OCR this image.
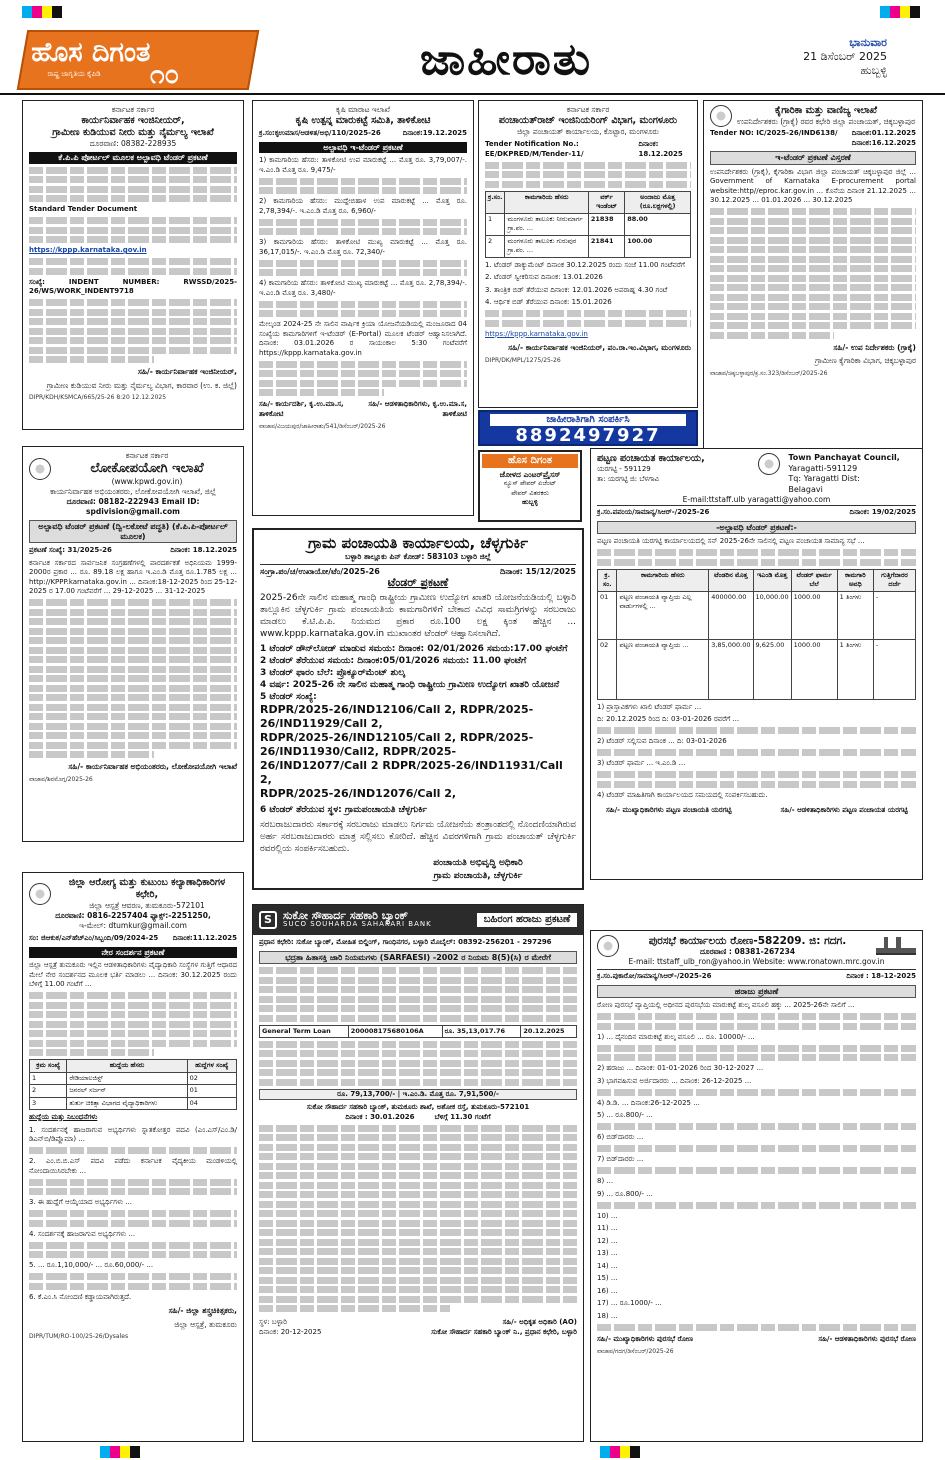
ಹೊಸ ದಿಗಂತ
ರಾಷ್ಟ್ರ ಜಾಗೃತಿಯ ಕೈಪಿಡಿ ೧೦	ಜಾಹೀರಾತು	ಭಾನುವಾರ
21 ಡಿಸೆಂಬರ್ 2025
ಹುಬ್ಬಳ್ಳಿ
ಕರ್ನಾಟಕ ಸರ್ಕಾರ
ಕಾರ್ಯನಿರ್ವಾಹಕ ಇಂಜಿನೀಯರ್,
ಗ್ರಾಮೀಣ ಕುಡಿಯುವ ನೀರು ಮತ್ತು ನೈರ್ಮಲ್ಯ ಇಲಾಖೆ
ದೂರವಾಣಿ: 08382-228935
ಕೆ.ಪಿ.ಪಿ ಪೋರ್ಟಲ್ ಮೂಲಕ ಅಲ್ಪಾವಧಿ ಟೆಂಡರ್ ಪ್ರಕಟಣೆ
Standard Tender Document
https://kppp.karnataka.gov.in
ಸಂಖ್ಯೆ: INDENT NUMBER: RWSSD/2025-26/WS/WORK_INDENT9718
ಸಹಿ/- ಕಾರ್ಯನಿರ್ವಾಹಕ ಇಂಜಿನೀಯರ್,
ಗ್ರಾಮೀಣ ಕುಡಿಯುವ ನೀರು ಮತ್ತು ನೈರ್ಮಲ್ಯ ವಿಭಾಗ, ಕಾರವಾರ (ಉ. ಕ. ಜಿಲ್ಲೆ)
DIPR/KDH/KSMCA/665/25-26 8:20 12.12.2025
ಕರ್ನಾಟಕ ಸರ್ಕಾರ
ಲೋಕೋಪಯೋಗಿ ಇಲಾಖೆ
(www.kpwd.gov.in)
ಕಾರ್ಯನಿರ್ವಾಹಕ ಅಭಿಯಂತರರು, ಲೋಕೋಪಯೋಗಿ ಇಲಾಖೆ, ಜಿಲ್ಲೆ
ದೂರವಾಣಿ: 08182-222943 Email ID: spdivision@gmail.com
ಅಲ್ಪಾವಧಿ ಟೆಂಡರ್ ಪ್ರಕಟಣೆ (ದ್ವಿ-ಲಕೋಟೆ ಪದ್ಧತಿ) (ಕೆ.ಪಿ.ಪಿ-ಪೋರ್ಟಲ್ ಮೂಲಕ)
ಪ್ರಕಟಣೆ ಸಂಖ್ಯೆ: 31/2025-26	ದಿನಾಂಕ: 18.12.2025
ಕರ್ನಾಟಕ ಸರ್ಕಾರದ ಸಾರ್ವಜನಿಕ ಸಂಗ್ರಹಣೆಗಳಲ್ಲಿ ಪಾರದರ್ಶಕತೆ ಅಧಿನಿಯಮ 1999-2000ರ ಪ್ರಕಾರ ... ರೂ. 89.18 ಲಕ್ಷ ಹಾಗೂ ಇ.ಎಂ.ಡಿ ಮೊತ್ತ ರೂ.1.785 ಲಕ್ಷ ... http://KPPP.karnataka.gov.in ... ದಿನಾಂಕ:18-12-2025 ರಿಂದ 25-12-2025 ರ 17.00 ಗಂಟೆವರೆಗೆ ... 29-12-2025 ... 31-12-2025
ಸಹಿ/- ಕಾರ್ಯನಿರ್ವಾಹಕ ಅಭಿಯಂತರರು, ಲೋಕೋಪಯೋಗಿ ಇಲಾಖೆ
ವಾಜಾಪ/ಶಿವಮೊಗ್ಗ/2025-26
ಜಿಲ್ಲಾ ಆರೋಗ್ಯ ಮತ್ತು ಕುಟುಂಬ ಕಲ್ಯಾಣಾಧಿಕಾರಿಗಳ ಕಛೇರಿ,
ಜಿಲ್ಲಾ ಆಸ್ಪತ್ರೆ ಆವರಣ, ತುಮಕೂರು-572101
ದೂರವಾಣಿ: 0816-2257404 ಫ್ಯಾಕ್ಸ್:-2251250,
ಇ-ಮೇಲ್: dtumkur@gmail.com
ಸಂ: ಜಿಆಕುಕ/ಎನ್‌ಹೆಚ್‌ಎಂ/ಸಿಬ್ಬಂದಿ/09/2024-25 ದಿನಾಂಕ:11.12.2025
ನೇರ ಸಂದರ್ಶನ ಪ್ರಕಟಣೆ
ಜಿಲ್ಲಾ ಆಸ್ಪತ್ರೆ ತುಮಕೂರು ಇಲ್ಲಿನ ಆಡಳಿತಾಧಿಕಾರಿಗಳು ವೈದ್ಯಾಧಿಕಾರಿ ಸಂಸ್ಥೆಗಳ ಗುತ್ತಿಗೆ ಆಧಾರದ ಮೇಲೆ ನೇರ ಸಂದರ್ಶನದ ಮೂಲಕ ಭರ್ತಿ ಮಾಡಲು ... ದಿನಾಂಕ: 30.12.2025 ರಂದು ಬೆಳಿಗ್ಗೆ 11.00 ಗಂಟೆಗೆ ...
ಕ್ರಮ ಸಂಖ್ಯೆ	ಹುದ್ದೆಯ ಹೆಸರು	ಹುದ್ದೆಗಳ ಸಂಖ್ಯೆ
1	ರೇಡಿಯಾಲಜಿಸ್ಟ್	02
2	ಜನರಲ್ ಸರ್ಜನ್	01
3	ತುರ್ತು ಚಿಕಿತ್ಸಾ ವಿಭಾಗದ ವೈದ್ಯಾಧಿಕಾರಿಗಳು	04
ಹುದ್ದೆಯ ಮತ್ತು ನಿಬಂಧನೆಗಳು
1. ಸಂದರ್ಶನಕ್ಕೆ ಹಾಜರಾಗುವ ಅಭ್ಯರ್ಥಿಗಳು ಸ್ನಾತಕೋತ್ತರ ಪದವಿ (ಎಂ.ಎಸ್/ಎಂ.ಡಿ/ಡಿಎನ್‌ಬಿ/ಡಿಪ್ಲೊಮಾ) ...
2. ಎಂ.ಬಿ.ಬಿ.ಎಸ್ ಪದವಿ ಪಡೆದು ಕರ್ನಾಟಕ ವೈದ್ಯಕೀಯ ಮಂಡಳಿಯಲ್ಲಿ ನೋಂದಾಯಿಸಿರಬೇಕು ...
3. ಈ ಹುದ್ದೆಗೆ ಆಯ್ಕೆಯಾದ ಅಭ್ಯರ್ಥಿಗಳು ...
4. ಸಂದರ್ಶನಕ್ಕೆ ಹಾಜರಾಗುವ ಅಭ್ಯರ್ಥಿಗಳು ...
5. ... ರೂ.1,10,000/- ... ರೂ.60,000/- ...
6. ಕೆ.ಎಂ.ಸಿ ನೋಂದಣಿ ಕಡ್ಡಾಯವಾಗಿರುತ್ತದೆ.
ಸಹಿ/- ಜಿಲ್ಲಾ ಶಸ್ತ್ರಚಿಕಿತ್ಸಕರು,
ಜಿಲ್ಲಾ ಆಸ್ಪತ್ರೆ, ತುಮಕೂರು
DIPR/TUM/RO-100/25-26/Dysales
ಕೃಷಿ ಮಾರಾಟ ಇಲಾಖೆ
ಕೃಷಿ ಉತ್ಪನ್ನ ಮಾರುಕಟ್ಟೆ ಸಮಿತಿ, ತಾಳಿಕೋಟಿ
ಕ್ರ.ಸಂ:ಕೃಉಮಾಸ/ಆಡಳಿತ/ಅಭಿ/110/2025-26	ದಿನಾಂಕ:19.12.2025
ಅಲ್ಪಾವಧಿ ಇ-ಟೆಂಡರ್ ಪ್ರಕಟಣೆ
1) ಕಾಮಗಾರಿಯ ಹೆಸರು: ತಾಳಿಕೋಟಿ ಉಪ ಮಾರುಕಟ್ಟೆ ... ಮೊತ್ತ ರೂ. 3,79,007/-. ಇ.ಎಂ.ಡಿ ಮೊತ್ತ ರೂ. 9,475/-
2) ಕಾಮಗಾರಿಯ ಹೆಸರು: ಮುದ್ದೇಬಿಹಾಳ ಉಪ ಮಾರುಕಟ್ಟೆ ... ಮೊತ್ತ ರೂ. 2,78,394/-. ಇ.ಎಂ.ಡಿ ಮೊತ್ತ ರೂ. 6,960/-
3) ಕಾಮಗಾರಿಯ ಹೆಸರು: ತಾಳಿಕೋಟಿ ಮುಖ್ಯ ಮಾರುಕಟ್ಟೆ ... ಮೊತ್ತ ರೂ. 36,17,015/-. ಇ.ಎಂ.ಡಿ ಮೊತ್ತ ರೂ. 72,340/-
4) ಕಾಮಗಾರಿಯ ಹೆಸರು: ತಾಳಿಕೋಟಿ ಮುಖ್ಯ ಮಾರುಕಟ್ಟೆ ... ಮೊತ್ತ ರೂ. 2,78,394/-. ಇ.ಎಂ.ಡಿ ಮೊತ್ತ ರೂ. 3,480/-
ಮೇಲ್ಕಂಡ 2024-25 ನೇ ಸಾಲಿನ ವಾರ್ಷಿಕ ಕ್ರಿಯಾ ಯೋಜನೆಯಡಿಯಲ್ಲಿ ಮಂಜೂರಾದ 04 ಸಂಖ್ಯೆಯ ಕಾಮಗಾರಿಗಳಿಗೆ ಇ-ಟೆಂಡರ್ (E-Portal) ಮೂಲಕ ಟೆಂಡರ್ ಆಹ್ವಾನಿಸಲಾಗಿದೆ. ದಿನಾಂಕ: 03.01.2026 ರ ಸಾಯಂಕಾಲ 5:30 ಗಂಟೆವರೆಗೆ https://kppp.karnataka.gov.in
ಸಹಿ/- ಕಾರ್ಯದರ್ಶಿ, ಕೃ.ಉ.ಮಾ.ಸ, ತಾಳಿಕೋಟಿ
ಸಹಿ/- ಆಡಳಿತಾಧಿಕಾರಿಗಳು, ಕೃ.ಉ.ಮಾ.ಸ, ತಾಳಿಕೋಟಿ
ವಾಜಾಪ/ವಿಜಯಪುರ/ಜಾಹೀರಾತು/541/ಡಿಸೆಂಬರ್/2025-26
ಗ್ರಾಮ ಪಂಚಾಯತಿ ಕಾರ್ಯಾಲಯ, ಚೆಳ್ಳಗುರ್ಕಿ
ಬಳ್ಳಾರಿ ತಾಲ್ಲೂಕು ಪಿನ್ ಕೋಡ್: 583103 ಬಳ್ಳಾರಿ ಜಿಲ್ಲೆ
ಸಂಗ್ರಾ.ಪಂ/ಚ/ಉಖಾಯೋ/ಟೆಂ/2025-26	ದಿನಾಂಕ: 15/12/2025
ಟೆಂಡರ್ ಪ್ರಕಟಣೆ
2025-26ನೇ ಸಾಲಿನ ಮಹಾತ್ಮ ಗಾಂಧಿ ರಾಷ್ಟ್ರೀಯ ಗ್ರಾಮೀಣ ಉದ್ಯೋಗ ಖಾತರಿ ಯೋಜನೆಯಡಿಯಲ್ಲಿ ಬಳ್ಳಾರಿ ತಾಲ್ಲೂಕಿನ ಚೆಳ್ಳಗುರ್ಕಿ ಗ್ರಾಮ ಪಂಚಾಯತಿಯ ಕಾಮಗಾರಿಗಳಿಗೆ ಬೇಕಾದ ವಿವಿಧ ಸಾಮಗ್ರಿಗಳನ್ನು ಸರಬರಾಜು ಮಾಡಲು ಕೆ.ಟಿ.ಪಿ.ಪಿ. ನಿಯಮದ ಪ್ರಕಾರ ರೂ.100 ಲಕ್ಷ ಕ್ಕಿಂತ ಹೆಚ್ಚಿನ ... www.kppp.karnataka.gov.in ಮುಖಾಂತರ ಟೆಂಡರ್ ಆಹ್ವಾನಿಸಲಾಗಿದೆ.
1 ಟೆಂಡರ್ ಡೌನ್‌ಲೋಡ್ ಮಾಡುವ ಸಮಯ: ದಿನಾಂಕ: 02/01/2026 ಸಮಯ:17.00 ಘಂಟೆಗೆ
2 ಟೆಂಡರ್ ತೆರೆಯುವ ಸಮಯ: ದಿನಾಂಕ:05/01/2026 ಸಮಯ: 11.00 ಘಂಟೆಗೆ
3 ಟೆಂಡರ್ ಫಾರಂ ಬೆಲೆ: ಪ್ರೊಕ್ಯೂರ್‌ಮೆಂಟ್ ಶುಲ್ಕ
4 ವರ್ಷ: 2025-26 ನೇ ಸಾಲಿನ ಮಹಾತ್ಮ ಗಾಂಧಿ ರಾಷ್ಟ್ರೀಯ ಗ್ರಾಮೀಣ ಉದ್ಯೋಗ ಖಾತರಿ ಯೋಜನೆ
5 ಟೆಂಡರ್ ಸಂಖ್ಯೆ:
RDPR/2025-26/IND12106/Call 2, RDPR/2025-26/IND11929/Call 2,
RDPR/2025-26/IND12105/Call 2, RDPR/2025-26/IND11930/Call2, RDPR/2025-
26/IND12077/Call 2 RDPR/2025-26/IND11931/Call 2,
RDPR/2025-26/IND12076/Call 2,
6 ಟೆಂಡರ್ ತೆರೆಯುವ ಸ್ಥಳ: ಗ್ರಾಮಪಂಚಾಯತಿ ಚೆಳ್ಳಗುರ್ಕಿ
ಸರಬರಾಜುದಾರರು ಸರ್ಕಾರಕ್ಕೆ ಸರಬರಾಜು ಮಾಡಲು ನಿರ್ಗಮ ಯೋಜನೆಯ ತಂತ್ರಾಂಶದಲ್ಲಿ ನೊಂದಣಿಯಾಗಿರುವ ಅರ್ಹ ಸರಬರಾಜುದಾರರು ಮಾತ್ರ ಸಲ್ಲಿಸಲು ಕೋರಿದೆ. ಹೆಚ್ಚಿನ ವಿವರಗಳಿಗಾಗಿ ಗ್ರಾಮ ಪಂಚಾಯತ್ ಚೆಳ್ಳಗುರ್ಕಿ ರವರಲ್ಲಿಯ ಸಂಪರ್ಕಿಸಬಹುದು.
ಪಂಚಾಯತಿ ಅಭಿವೃದ್ಧಿ ಅಧಿಕಾರಿ
ಗ್ರಾಮ ಪಂಚಾಯತಿ, ಚೆಳ್ಳಗುರ್ಕಿ
S	ಸುಕೋ ಸೌಹಾರ್ದ ಸಹಕಾರಿ ಬ್ಯಾಂಕ್
SUCO SOUHARDA SAHAKARI BANK	ಬಹಿರಂಗ ಹರಾಜು ಪ್ರಕಟಣೆ
ಪ್ರಧಾನ ಕಛೇರಿ: ಸುಕೋ ಬ್ಯಾಂಕ್, ಮೋಹಿತ ಬಿಲ್ಡಿಂಗ್, ಗಾಂಧಿನಗರ, ಬಳ್ಳಾರಿ ಮೊಬೈಲ್: 08392-256201 - 297296
ಭದ್ರತಾ ಹಿತಾಸಕ್ತಿ ಜಾರಿ ನಿಯಮಗಳು (SARFAESI) -2002 ರ ನಿಯಮ 8(5)(ಸಿ) ರ ಮೇರೆಗೆ
General Term Loan	200008175680106A	ರೂ. 35,13,017.76	20.12.2025
ರೂ. 79,13,700/- | ಇ.ಎಂ.ಡಿ. ಮೊತ್ತ ರೂ. 7,91,500/-
ಸುಕೋ ಸೌಹಾರ್ದ ಸಹಕಾರಿ ಬ್ಯಾಂಕ್, ತುಮಕೂರು ಶಾಖೆ, ಅಶೋಕ ರಸ್ತೆ, ತುಮಕೂರು-572101
ದಿನಾಂಕ : 30.01.2026	ಬೆಳಿಗ್ಗೆ 11.30 ಗಂಟೆಗೆ
ಸ್ಥಳ: ಬಳ್ಳಾರಿ
ದಿನಾಂಕ: 20-12-2025
ಸಹಿ/- ಅಧಿಕೃತ ಅಧಿಕಾರಿ (AO)
ಸುಕೋ ಸೌಹಾರ್ದ ಸಹಕಾರಿ ಬ್ಯಾಂಕ್ ನಿ., ಪ್ರಧಾನ ಕಛೇರಿ, ಬಳ್ಳಾರಿ
ಕರ್ನಾಟಕ ಸರ್ಕಾರ
ಪಂಚಾಯತ್‌ರಾಜ್ ಇಂಜಿನಿಯರಿಂಗ್ ವಿಭಾಗ, ಮಂಗಳೂರು
ಜಿಲ್ಲಾ ಪಂಚಾಯತ್ ಕಾರ್ಯಾಲಯ, ಕೊಟ್ಟಾರ, ಮಂಗಳೂರು
Tender Notification No.: EE/DKPRED/M/Tender-11/
ದಿನಾಂಕ: 18.12.2025
ಕ್ರ.ಸಂ.	ಕಾಮಗಾರಿಯ ಹೆಸರು	ವರ್ಕ್ ಇಂಡೆಂಟ್	ಅಂದಾಜು ಮೊತ್ತ (ರೂ.ಲಕ್ಷಗಳಲ್ಲಿ)
1	ಮಂಗಳೂರು ತಾಲೂಕು ನೀರುಮಾರ್ಗ ಗ್ರಾ.ಪಂ. ...	21838	88.00
2	ಮಂಗಳೂರು ತಾಲೂಕು ಗುರುಪುರ ಗ್ರಾ.ಪಂ. ...	21841	100.00
1. ಟೆಂಡರ್ ಡಾಕ್ಯುಮೆಂಟ್ ದಿನಾಂಕ 30.12.2025 ರಂದು ಸಂಜೆ 11.00 ಗಂಟೆವರೆಗೆ
2. ಟೆಂಡರ್ ಸ್ವೀಕರಿಸುವ ದಿನಾಂಕ: 13.01.2026
3. ತಾಂತ್ರಿಕ ಬಿಡ್ ತೆರೆಯುವ ದಿನಾಂಕ: 12.01.2026 ಅಪರಾಹ್ನ 4.30 ಗಂಟೆ
4. ಆರ್ಥಿಕ ಬಿಡ್ ತೆರೆಯುವ ದಿನಾಂಕ: 15.01.2026
https://kppp.karnataka.gov.in
ಸಹಿ/- ಕಾರ್ಯನಿರ್ವಾಹಕ ಇಂಜಿನಿಯರ್, ಪಂ.ರಾ.ಇಂ.ವಿಭಾಗ, ಮಂಗಳೂರು
DIPR/DK/MPL/1275/25-26
ಜಾಹೀರಾತಿಗಾಗಿ ಸಂಪರ್ಕಿಸಿ
8892497927
ಹೊಸ ದಿಗಂತ
ಜೋಳದ ಎಂಟರ್‌ಪ್ರೈಸಸ್
ನ್ಯೂಸ್ ಪೇಪರ್ ಏಜೆಂಟ್
ಪೇಪರ್ ವಿತರಕರು
ಹುಬ್ಬಳ್ಳಿ
ಕೈಗಾರಿಕಾ ಮತ್ತು ವಾಣಿಜ್ಯ ಇಲಾಖೆ
ಉಪನಿರ್ದೇಶಕರು (ಗ್ರಾಕೈ) ರವರ ಕಛೇರಿ ಜಿಲ್ಲಾ ಪಂಚಾಯತ್, ಚಿಕ್ಕಬಳ್ಳಾಪುರ
Tender NO: IC/2025-26/IND6138/ ದಿನಾಂಕ:01.12.2025
ದಿನಾಂಕ:16.12.2025
ಇ-ಟೆಂಡರ್ ಪ್ರಕಟಣೆ ವಿಸ್ತರಣೆ
ಉಪನಿರ್ದೇಶಕರು (ಗ್ರಾಕೈ), ಕೈಗಾರಿಕಾ ವಿಭಾಗ ಜಿಲ್ಲಾ ಪಂಚಾಯತ್ ಚಿಕ್ಕಬಳ್ಳಾಪುರ ಜಿಲ್ಲೆ ... Government of Karnataka E-procurement portal website:http//eproc.kar.gov.in ... ಕೊನೆಯ ದಿನಾಂಕ 21.12.2025 ... 30.12.2025 ... 01.01.2026 ... 30.12.2025
ಸಹಿ/- ಉಪ ನಿರ್ದೇಶಕರು (ಗ್ರಾಕೈ)
ಗ್ರಾಮೀಣ ಕೈಗಾರಿಕಾ ವಿಭಾಗ, ಚಿಕ್ಕಬಳ್ಳಾಪುರ
ವಾಜಾಪ/ಚಿಕ್ಕಬಳ್ಳಾಪುರ/ಕ್ರ.ಸಂ.323/ಡಿಸೆಂಬರ್/2025-26
ಪಟ್ಟಣ ಪಂಚಾಯತ ಕಾರ್ಯಾಲಯ,
ಯರಗಟ್ಟಿ - 591129
ತಾ: ಯರಗಟ್ಟಿ ಜಿ: ಬೆಳಗಾವಿ
Town Panchayat Council,
Yaragatti-591129
Tq: Yaragatti Dist:
Belagavi
E-mail:ttstaff.ulb yaragatti@yahoo.com
ಕ್ರ.ಸಂ.ಪಪಂಯ/ಸಾಮಾನ್ಯ/ಸಿಆರ್-/2025-26	ದಿನಾಂಕ: 19/02/2025
-ಅಲ್ಪಾವಧಿ ಟೆಂಡರ್ ಪ್ರಕಟಣೆ:-
ಪಟ್ಟಣ ಪಂಚಾಯತಿ ಯರಗಟ್ಟಿ ಕಾರ್ಯಾಲಯದಲ್ಲಿ ಸನ್ 2025-26ನೇ ಸಾಲಿನಲ್ಲಿ ಪಟ್ಟಣ ಪಂಚಾಯತ ಸಾಮಾನ್ಯ ಸಭೆ ...
ಕ್ರ. ಸಂ.	ಕಾಮಗಾರಿಯ ಹೆಸರು	ಟೆಂಡರಿನ ಮೊತ್ತ	ಇಎಂಡಿ ಮೊತ್ತ	ಟೆಂಡರ್ ಫಾರ್ಮ ಬೆಲೆ	ಕಾಮಗಾರಿ ಅವಧಿ	ಗುತ್ತಿಗೆದಾರರ ದರ್ಜೆ
01	ಪಟ್ಟಣ ಪಂಚಾಯತಿ ವ್ಯಾಪ್ತಿಯ ಎಲ್ಲ ವಾರ್ಡುಗಳಲ್ಲಿ ...	400000.00	10,000.00	1000.00	1 ತಿಂಗಳು	-
02	ಪಟ್ಟಣ ಪಂಚಾಯತಿ ವ್ಯಾಪ್ತಿಯ ...	3,85,000.00	9,625.00	1000.00	1 ತಿಂಗಳು	-
1) ಪ್ರಾಸ್ತಾವಿಕಗಳು ಖಾಲಿ ಟೆಂಡರ್ ಫಾರ್ಮ ...
ದಿ: 20.12.2025 ರಿಂದ ದಿ: 03-01-2026 ರವರೆಗೆ ...
2) ಟೆಂಡರ್ ಸಲ್ಲಿಸುವ ದಿನಾಂಕ ... ದಿ: 03-01-2026
3) ಟೆಂಡರ್ ಫಾರ್ಮ ... ಇ.ಎಂ.ಡಿ ...
4) ಟೆಂಡರ್ ಮಾಹಿತಿಗಾಗಿ ಕಾರ್ಯಾಲಯದ ಸಮಯದಲ್ಲಿ ಸಂಪರ್ಕಿಸಬಹುದು.
ಸಹಿ/- ಮುಖ್ಯಾಧಿಕಾರಿಗಳು ಪಟ್ಟಣ ಪಂಚಾಯತಿ ಯರಗಟ್ಟಿ	ಸಹಿ/- ಆಡಳಿತಾಧಿಕಾರಿಗಳು ಪಟ್ಟಣ ಪಂಚಾಯತ ಯರಗಟ್ಟಿ
ಪುರಸಭೆ ಕಾರ್ಯಾಲಯ ರೋಣ-582209. ಜಿ: ಗದಗ.
ದೂರವಾಣಿ : 08381-267234
E-mail: ttstaff_ulb_ron@yahoo.in Website: www.ronatown.mrc.gov.in
ಕ್ರ.ಸಂ.ಪುಕಾರೋ/ಸಾಮಾನ್ಯ/ಸಿಆರ್-/2025-26	ದಿನಾಂಕ : 18-12-2025
ಹರಾಜು ಪ್ರಕಟಣೆ
ರೋಣ ಪುರಸಭೆ ವ್ಯಾಪ್ತಿಯಲ್ಲಿ ಅಧೀನದ ಪುರಸಭೆಯ ಮಾರುಕಟ್ಟೆ ಶುಲ್ಕ ವಸೂಲಿ ಹಕ್ಕು ... 2025-26ನೇ ಸಾಲಿಗೆ ...
1) ... ದೈನಂದಿನ ಮಾರುಕಟ್ಟೆ ಶುಲ್ಕ ವಸೂಲಿ ... ರೂ. 10000/- ...
2) ಹರಾಜು ... ದಿನಾಂಕ: 01-01-2026 ರಿಂದ 30-12-2027 ...
3) ಭಾಗವಹಿಸುವ ಅರ್ಜಿದಾರರು ... ದಿನಾಂಕ: 26-12-2025 ...
4) ಡಿ.ಡಿ. ... ದಿನಾಂಕ:26-12-2025 ...
5) ... ರೂ.800/- ...
6) ಬಿಡ್‌ದಾರರು ...
7) ಬಿಡ್‌ದಾರರು ...
8) ...
9) ... ರೂ.800/- ...
10) ...
11) ...
12) ...
13) ...
14) ...
15) ...
16) ...
17) ... ರೂ.1000/- ...
18) ...
ಸಹಿ/- ಮುಖ್ಯಾಧಿಕಾರಿಗಳು ಪುರಸಭೆ ರೋಣ	ಸಹಿ/- ಆಡಳಿತಾಧಿಕಾರಿಗಳು ಪುರಸಭೆ ರೋಣ
ವಾಜಾಪ/ಗದಗ/ಡಿಸೆಂಬರ್/2025-26
